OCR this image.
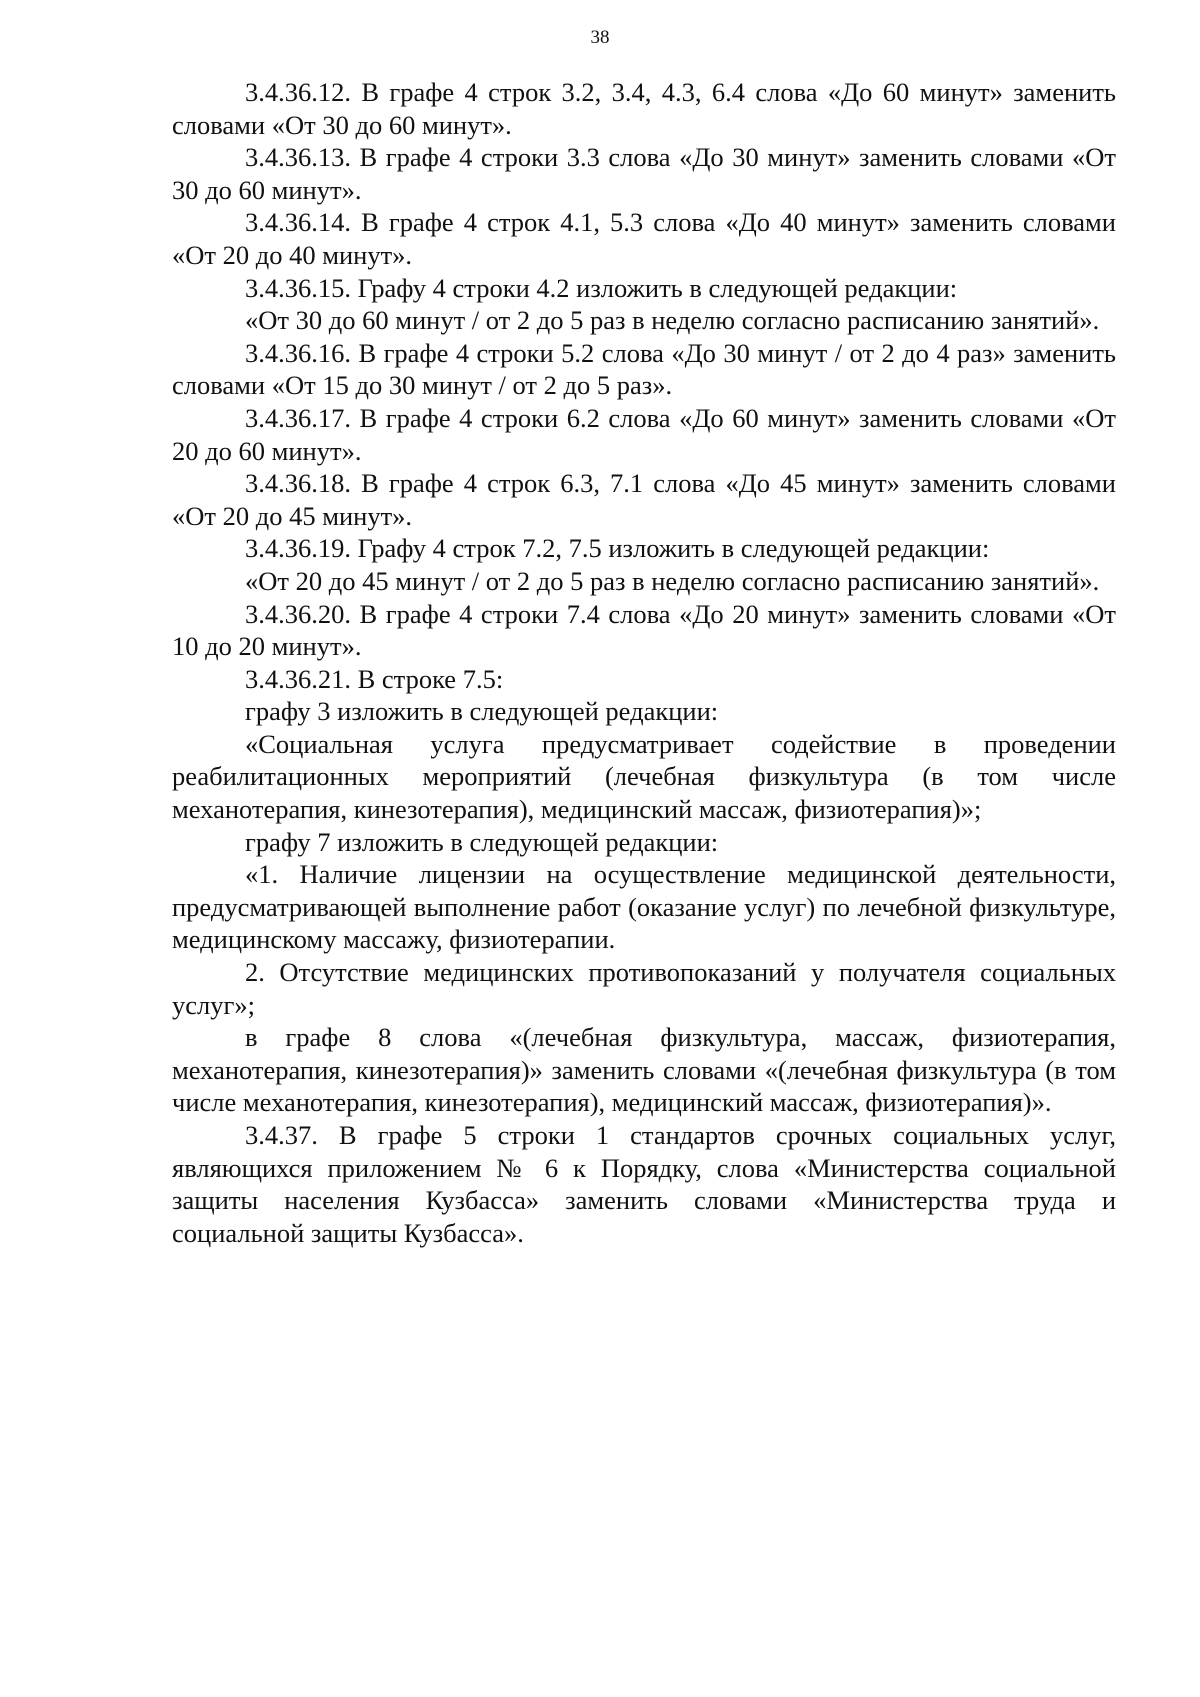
38

3.4.36.12. В графе 4 строк 3.2, 3.4, 4.3, 6.4 слова «До 60 минут» заменить словами «От 30 до 60 минут».

3.4.36.13. В графе 4 строки 3.3 слова «До 30 минут» заменить словами «От 30 до 60 минут».

3.4.36.14. В графе 4 строк 4.1, 5.3 слова «До 40 минут» заменить словами «От 20 до 40 минут».

3.4.36.15. Графу 4 строки 4.2 изложить в следующей редакции:

«От 30 до 60 минут / от 2 до 5 раз в неделю согласно расписанию занятий».

3.4.36.16. В графе 4 строки 5.2 слова «До 30 минут / от 2 до 4 раз» заменить словами «От 15 до 30 минут / от 2 до 5 раз».

3.4.36.17. В графе 4 строки 6.2 слова «До 60 минут» заменить словами «От 20 до 60 минут».

3.4.36.18. В графе 4 строк 6.3, 7.1 слова «До 45 минут» заменить словами «От 20 до 45 минут».

3.4.36.19. Графу 4 строк 7.2, 7.5 изложить в следующей редакции:

«От 20 до 45 минут / от 2 до 5 раз в неделю согласно расписанию занятий».

3.4.36.20. В графе 4 строки 7.4 слова «До 20 минут» заменить словами «От 10 до 20 минут».

3.4.36.21. В строке 7.5:

графу 3 изложить в следующей редакции:

«Социальная услуга предусматривает содействие в проведении реабилитационных мероприятий (лечебная физкультура (в том числе механотерапия, кинезотерапия), медицинский массаж, физиотерапия)»;

графу 7 изложить в следующей редакции:

«1. Наличие лицензии на осуществление медицинской деятельности, предусматривающей выполнение работ (оказание услуг) по лечебной физкультуре, медицинскому массажу, физиотерапии.

2. Отсутствие медицинских противопоказаний у получателя социальных услуг»;

в графе 8 слова «(лечебная физкультура, массаж, физиотерапия, механотерапия, кинезотерапия)» заменить словами «(лечебная физкультура (в том числе механотерапия, кинезотерапия), медицинский массаж, физиотерапия)».

3.4.37. В графе 5 строки 1 стандартов срочных социальных услуг, являющихся приложением № 6 к Порядку, слова «Министерства социальной защиты населения Кузбасса» заменить словами «Министерства труда и социальной защиты Кузбасса».
